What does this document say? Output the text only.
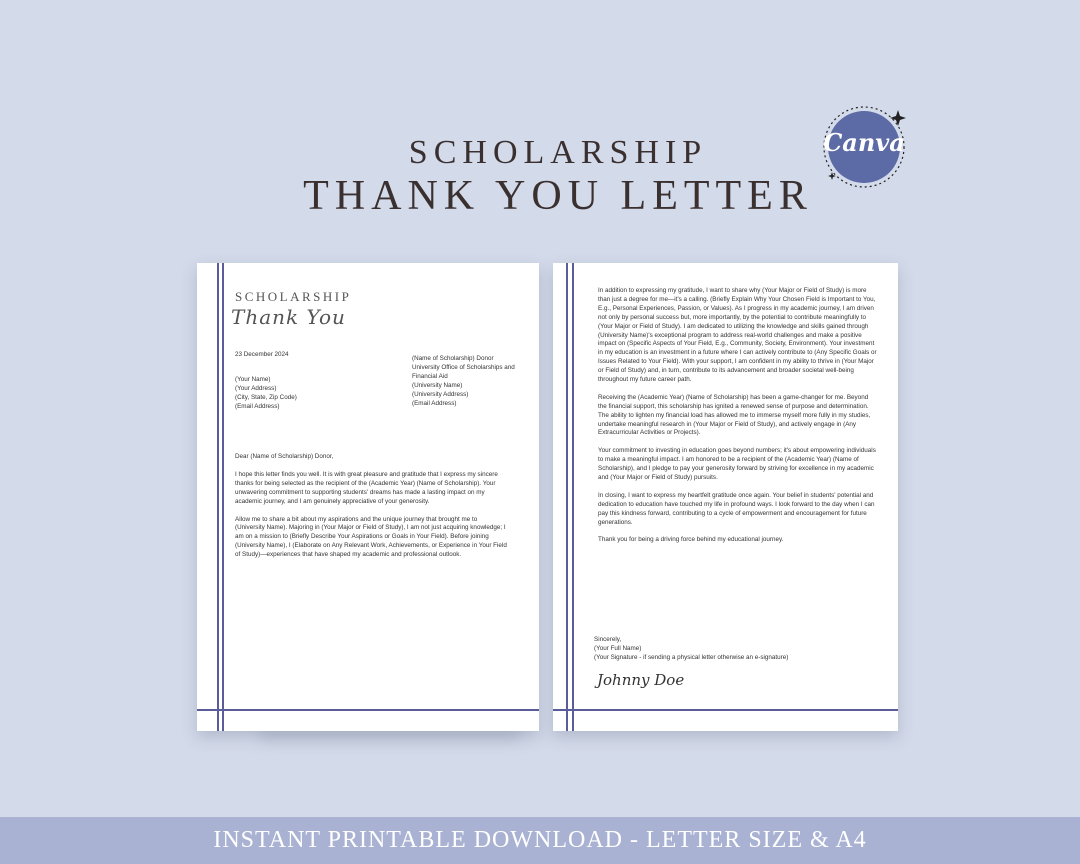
SCHOLARSHIP
THANK YOU LETTER
Canva
SCHOLARSHIP
Thank You
23 December 2024
(Name of Scholarship) Donor
University Office of Scholarships and
Financial Aid
(University Name)
(University Address)
(Email Address)
(Your Name)
(Your Address)
(City, State, Zip Code)
(Email Address)
Dear (Name of Scholarship) Donor,

I hope this letter finds you well. It is with great pleasure and gratitude that I express my sincere thanks for being selected as the recipient of the (Academic Year) (Name of Scholarship). Your unwavering commitment to supporting students' dreams has made a lasting impact on my academic journey, and I am genuinely appreciative of your generosity.

Allow me to share a bit about my aspirations and the unique journey that brought me to (University Name). Majoring in (Your Major or Field of Study), I am not just acquiring knowledge; I am on a mission to (Briefly Describe Your Aspirations or Goals in Your Field). Before joining (University Name), I (Elaborate on Any Relevant Work, Achievements, or Experience in Your Field of Study)—experiences that have shaped my academic and professional outlook.

In addition to expressing my gratitude, I want to share why (Your Major or Field of Study) is more than just a degree for me—it's a calling. (Briefly Explain Why Your Chosen Field is Important to You, E.g., Personal Experiences, Passion, or Values). As I progress in my academic journey, I am driven not only by personal success but, more importantly, by the potential to contribute meaningfully to (Your Major or Field of Study). I am dedicated to utilizing the knowledge and skills gained through (University Name)'s exceptional program to address real-world challenges and make a positive impact on (Specific Aspects of Your Field, E.g., Community, Society, Environment). Your investment in my education is an investment in a future where I can actively contribute to (Any Specific Goals or Issues Related to Your Field). With your support, I am confident in my ability to thrive in (Your Major or Field of Study) and, in turn, contribute to its advancement and broader societal well-being throughout my future career path.

Receiving the (Academic Year) (Name of Scholarship) has been a game-changer for me. Beyond the financial support, this scholarship has ignited a renewed sense of purpose and determination. The ability to lighten my financial load has allowed me to immerse myself more fully in my studies, undertake meaningful research in (Your Major or Field of Study), and actively engage in (Any Extracurricular Activities or Projects).

Your commitment to investing in education goes beyond numbers; it's about empowering individuals to make a meaningful impact. I am honored to be a recipient of the (Academic Year) (Name of Scholarship), and I pledge to pay your generosity forward by striving for excellence in my academic and (Your Major or Field of Study) pursuits.

In closing, I want to express my heartfelt gratitude once again. Your belief in students' potential and dedication to education have touched my life in profound ways. I look forward to the day when I can pay this kindness forward, contributing to a cycle of empowerment and encouragement for future generations.

Thank you for being a driving force behind my educational journey.

Sincerely,
(Your Full Name)
(Your Signature - if sending a physical letter otherwise an e-signature)
Johnny Doe
INSTANT PRINTABLE DOWNLOAD - LETTER SIZE & A4
